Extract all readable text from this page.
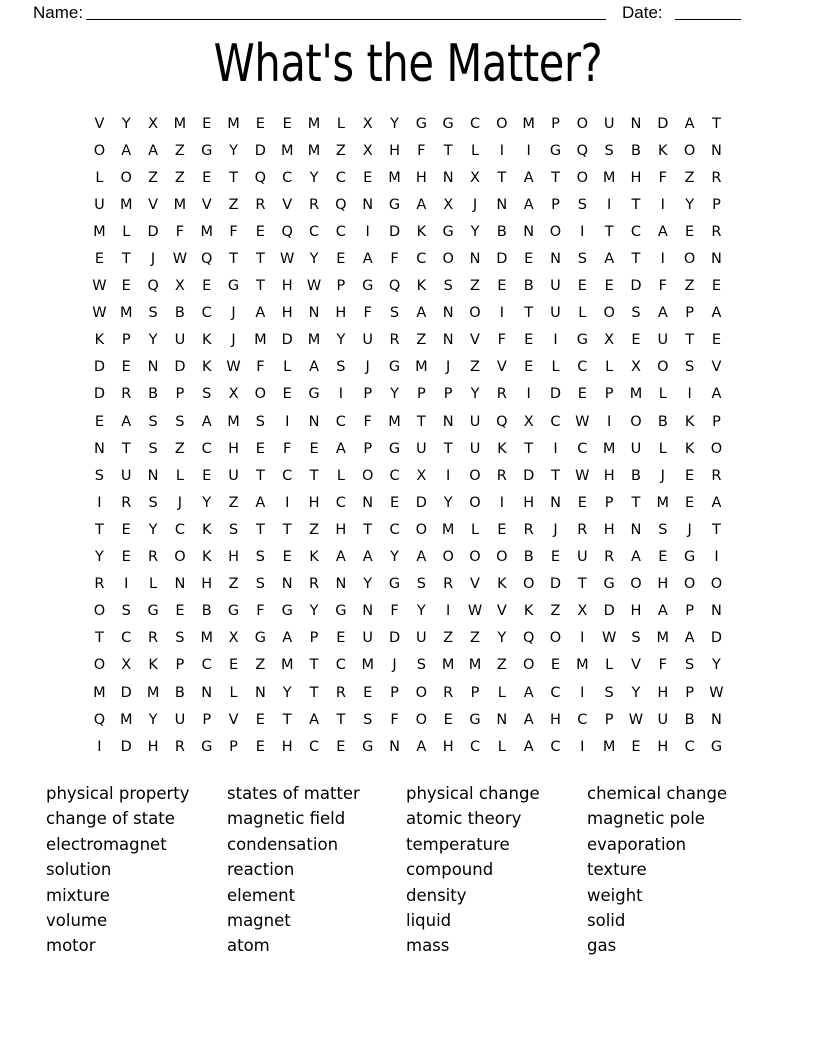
Name:	Date:
What's the Matter?
V	Y	X	M	E	M	E	E	M	L	X	Y	G	G	C	O	M	P	O	U	N	D	A	T
O	A	A	Z	G	Y	D	M M	Z	X	H	F	T	L	I	I	G	Q	S	B	K	O	N
L	O	Z	Z	E	T	Q	C	Y	C	E	M	H	N	X	T	A	T	O	M	H	F	Z	R
U	M	V	M	V	Z	R	V	R	Q	N	G	A	X	J	N	A	P	S	I	T	I	Y	P
M	L	D	F	M	F	E	Q	C	C	I	D	K	G	Y	B	N	O	I	T	C	A	E	R
E	T	J	W Q	T	T	W	Y	E	A	F	C	O	N	D	E	N	S	A	T	I	O	N
W	E	Q	X	E	G	T	H W	P	G	Q	K	S	Z	E	B	U	E	E	D	F	Z	E
W M	S	B	C	J	A	H	N	H	F	S	A	N	O	I	T	U	L	O	S	A	P	A
K	P	Y	U	K	J	M	D	M	Y	U	R	Z	N	V	F	E	I	G	X	E	U	T	E
D	E	N	D	K	W	F	L	A	S	J	G	M	J	Z	V	E	L	C	L	X	O	S	V
D	R	B	P	S	X	O	E	G	I	P	Y	P	P	Y	R	I	D	E	P	M	L	I	A
E	A	S	S	A	M	S	I	N	C	F	M	T	N	U	Q	X	C	W	I	O	B	K	P
N	T	S	Z	C	H	E	F	E	A	P	G	U	T	U	K	T	I	C	M	U	L	K	O
S	U	N	L	E	U	T	C	T	L	O	C	X	I	O	R	D	T	W H	B	J	E	R
I	R	S	J	Y	Z	A	I	H	C	N	E	D	Y	O	I	H	N	E	P	T	M	E	A
T	E	Y	C	K	S	T	T	Z	H	T	C	O	M	L	E	R	J	R	H	N	S	J	T
Y	E	R	O	K	H	S	E	K	A	A	Y	A	O	O	O	B	E	U	R	A	E	G	I
R	I	L	N	H	Z	S	N	R	N	Y	G	S	R	V	K	O	D	T	G	O	H	O	O
O	S	G	E	B	G	F	G	Y	G	N	F	Y	I	W	V	K	Z	X	D	H	A	P	N
T	C	R	S	M	X	G	A	P	E	U	D	U	Z	Z	Y	Q	O	I	W	S	M	A	D
O	X	K	P	C	E	Z	M	T	C	M	J	S	M M	Z	O	E	M	L	V	F	S	Y
M	D	M	B	N	L	N	Y	T	R	E	P	O	R	P	L	A	C	I	S	Y	H	P	W
Q	M	Y	U	P	V	E	T	A	T	S	F	O	E	G	N	A	H	C	P	W U	B	N
I	D	H	R	G	P	E	H	C	E	G	N	A	H	C	L	A	C	I	M	E	H	C	G
physical property
change of state
electromagnet
solution
mixture
volume
motor
states of matter
magnetic field
condensation
reaction
element
magnet
atom
physical change
atomic theory
temperature
compound
density
liquid
mass
chemical change
magnetic pole
evaporation
texture
weight
solid
gas
